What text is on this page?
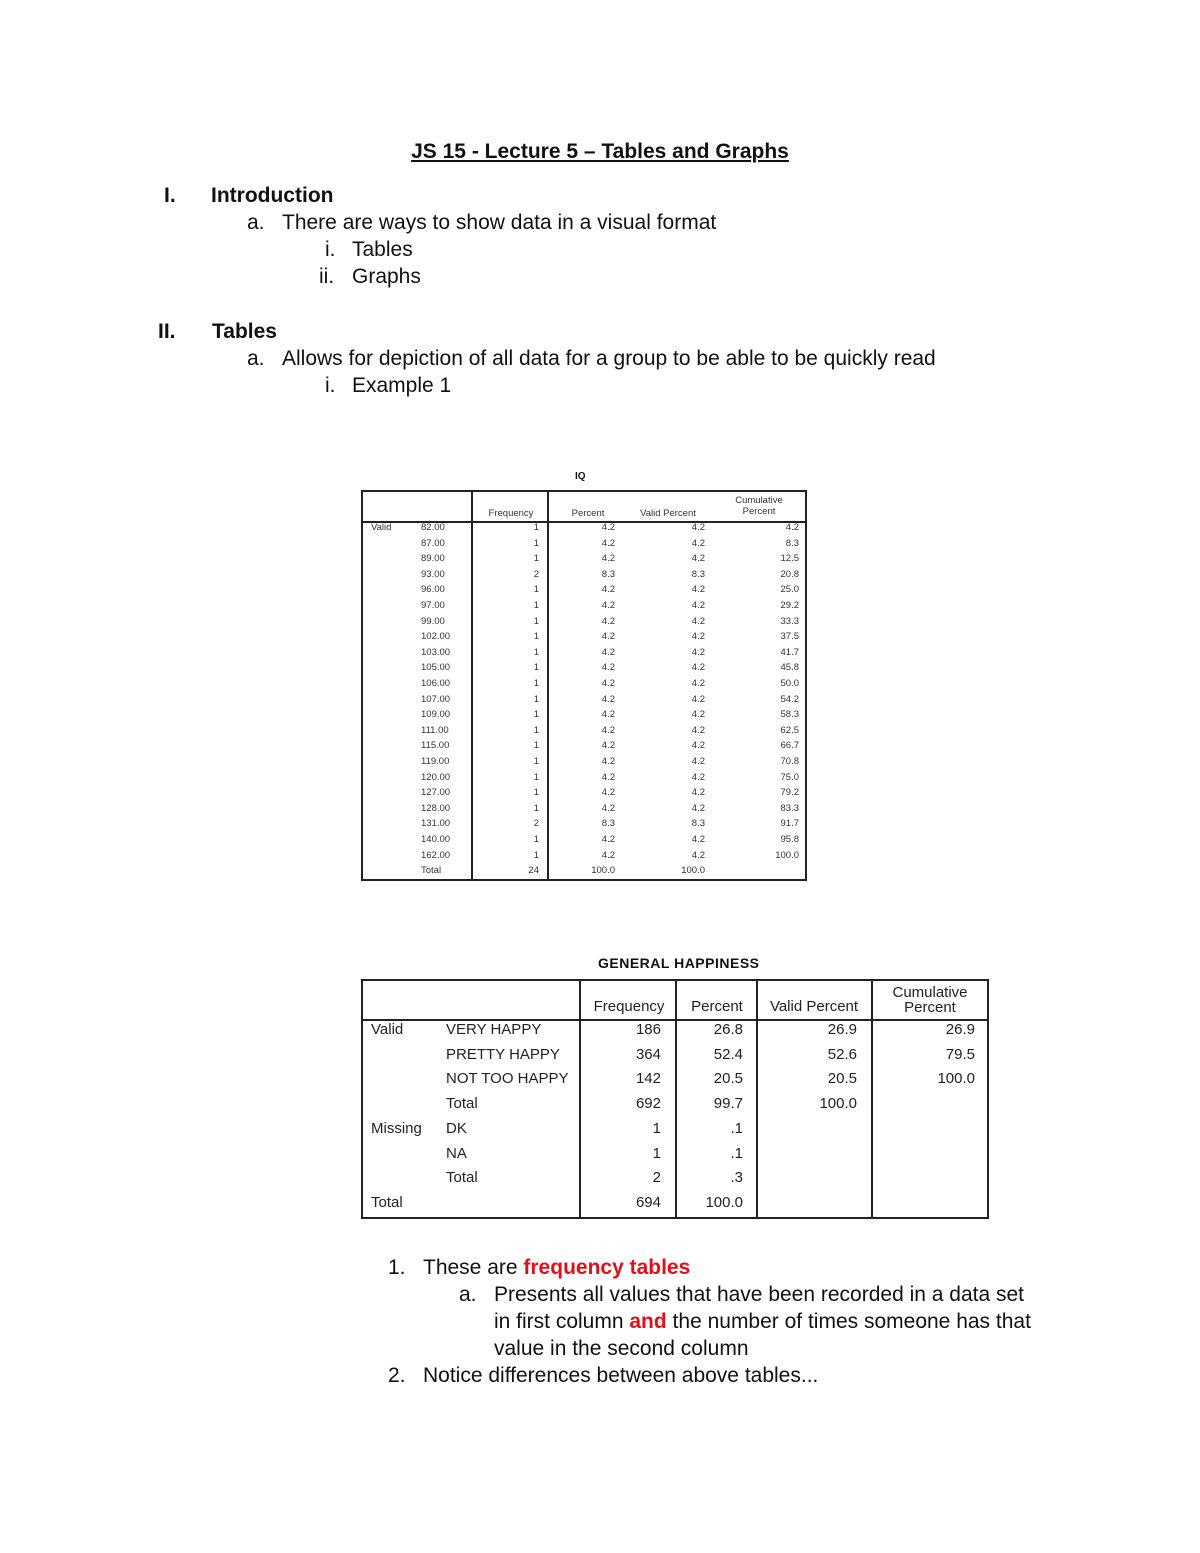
JS 15 - Lecture 5 – Tables and Graphs
I. Introduction
a. There are ways to show data in a visual format
i. Tables
ii. Graphs
II. Tables
a. Allows for depiction of all data for a group to be able to be quickly read
i. Example 1
IQ
Frequency	Percent	Valid Percent
Cumulative
Percent
Valid	82.00	1	4.2	4.2	4.2
87.00	1	4.2	4.2	8.3
89.00	1	4.2	4.2	12.5
93.00	2	8.3	8.3	20.8
96.00	1	4.2	4.2	25.0
97.00	1	4.2	4.2	29.2
99.00	1	4.2	4.2	33.3
102.00	1	4.2	4.2	37.5
103.00	1	4.2	4.2	41.7
105.00	1	4.2	4.2	45.8
106.00	1	4.2	4.2	50.0
107.00	1	4.2	4.2	54.2
109.00	1	4.2	4.2	58.3
111.00	1	4.2	4.2	62.5
115.00	1	4.2	4.2	66.7
119.00	1	4.2	4.2	70.8
120.00	1	4.2	4.2	75.0
127.00	1	4.2	4.2	79.2
128.00	1	4.2	4.2	83.3
131.00	2	8.3	8.3	91.7
140.00	1	4.2	4.2	95.8
162.00	1	4.2	4.2	100.0
Total	24	100.0	100.0
GENERAL HAPPINESS
Frequency	Percent	Valid Percent
Cumulative
Percent
Valid	VERY HAPPY	186	26.8	26.9	26.9
PRETTY HAPPY	364	52.4	52.6	79.5
NOT TOO HAPPY	142	20.5	20.5	100.0
Total	692	99.7	100.0
Missing DK	1	.1
NA	1	.1
Total	2	.3
Total	694	100.0
1. These are frequency tables
a. Presents all values that have been recorded in a data set
in first column and the number of times someone has that
value in the second column
2. Notice differences between above tables...
